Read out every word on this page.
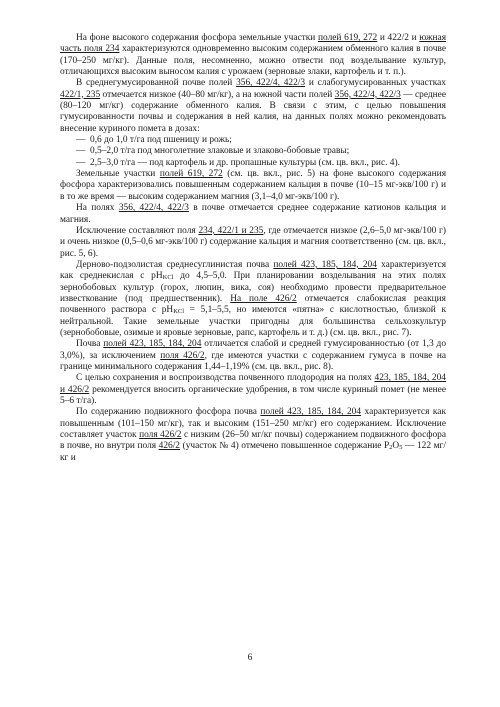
На фоне высокого содержания фосфора земельные участки полей 619, 272 и 422/2 и южная часть поля 234 характеризуются одновременно высоким содержанием обменного калия в почве (170–250 мг/кг). Данные поля, несомненно, можно отвести под возделывание культур, отличающихся высоким выносом калия с урожаем (зерновые злаки, картофель и т. п.).

В среднегумусированной почве полей 356, 422/4, 422/3 и слабогумусированных участках 422/1, 235 отмечается низкое (40–80 мг/кг), а на южной части полей 356, 422/4, 422/3 — среднее (80–120 мг/кг) содержание обменного калия. В связи с этим, с целью повышения гумусированности почвы и содержания в ней калия, на данных полях можно рекомендовать внесение куриного помета в дозах:

— 0,6 до 1,0 т/га под пшеницу и рожь;
— 0,5–2,0 т/га под многолетние злаковые и злаково-бобовые травы;
— 2,5–3,0 т/га — под картофель и др. пропашные культуры (см. цв. вкл., рис. 4).

Земельные участки полей 619, 272 (см. цв. вкл., рис. 5) на фоне высокого содержания фосфора характеризовались повышенным содержанием кальция в почве (10–15 мг-экв/100 г) и в то же время — высоким содержанием магния (3,1–4,0 мг-экв/100 г).

На полях 356, 422/4, 422/3 в почве отмечается среднее содержание катионов кальция и магния.

Исключение составляют поля 234, 422/1 и 235, где отмечается низкое (2,6–5,0 мг-экв/100 г) и очень низкое (0,5–0,6 мг-экв/100 г) содержание кальция и магния соответственно (см. цв. вкл., рис. 5, 6).

Дерново-подзолистая среднесуглинистая почва полей 423, 185, 184, 204 характеризуется как среднекислая с $pH_{KCl}$ до 4,5–5,0. При планировании возделывания на этих полях зернобобовых культур (горох, люпин, вика, соя) необходимо провести предварительное известкование (под предшественник). На поле 426/2 отмечается слабокислая реакция почвенного раствора с $pH_{KCl} = 5,1-5,5$, но имеются «пятна» с кислотностью, близкой к нейтральной. Такие земельные участки пригодны для большинства сельхозкультур (зернобобовые, озимые и яровые зерновые, рапс, картофель и т. д.) (см. цв. вкл., рис. 7).

Почва полей 423, 185, 184, 204 отличается слабой и средней гумусированностью (от 1,3 до 3,0%), за исключением поля 426/2, где имеются участки с содержанием гумуса в почве на границе минимального содержания 1,44–1,19% (см. цв. вкл., рис. 8).

С целью сохранения и воспроизводства почвенного плодородия на полях 423, 185, 184, 204 и 426/2 рекомендуется вносить органические удобрения, в том числе куриный помет (не менее 5–6 т/га).

По содержанию подвижного фосфора почва полей 423, 185, 184, 204 характеризуется как повышенным (101–150 мг/кг), так и высоким (151–250 мг/кг) его содержанием. Исключение составляет участок поля 426/2 с низким (26–50 мг/кг почвы) содержанием подвижного фосфора в почве, но внутри поля 426/2 (участок № 4) отмечено повышенное содержание $P_2O_5$ — 122 мг/кг и

6
